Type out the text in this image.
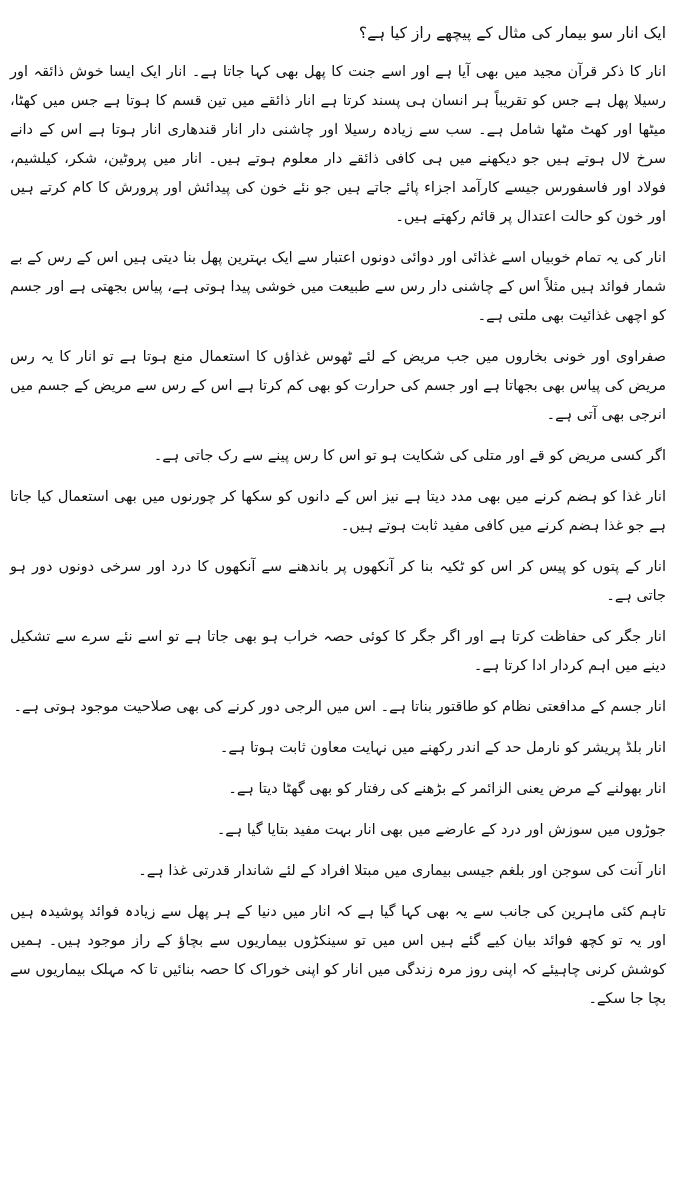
ایک انار سو بیمار کی مثال کے پیچھے راز کیا ہے؟

انار کا ذکر قرآن مجید میں بھی آیا ہے اور اسے جنت کا پھل بھی کہا جاتا ہے۔ انار ایک ایسا خوش ذائقہ اور رسیلا پھل ہے جس کو تقریباً ہر انسان ہی پسند کرتا ہے انار ذائقے میں تین قسم کا ہوتا ہے جس میں کھٹا، میٹھا اور کھٹ مٹھا شامل ہے۔ سب سے زیادہ رسیلا اور چاشنی دار انار قندھاری انار ہوتا ہے اس کے دانے سرخ لال ہوتے ہیں جو دیکھنے میں ہی کافی ذائقے دار معلوم ہوتے ہیں۔ انار میں پروٹین، شکر، کیلشیم، فولاد اور فاسفورس جیسے کارآمد اجزاء پائے جاتے ہیں جو نئے خون کی پیدائش اور پرورش کا کام کرتے ہیں اور خون کو حالت اعتدال پر قائم رکھتے ہیں۔

انار کی یہ تمام خوبیاں اسے غذائی اور دوائی دونوں اعتبار سے ایک بہترین پھل بنا دیتی ہیں اس کے رس کے بے شمار فوائد ہیں مثلاً اس کے چاشنی دار رس سے طبیعت میں خوشی پیدا ہوتی ہے، پیاس بجھتی ہے اور جسم کو اچھی غذائیت بھی ملتی ہے۔

صفراوی اور خونی بخاروں میں جب مریض کے لئے ٹھوس غذاؤں کا استعمال منع ہوتا ہے تو انار کا یہ رس مریض کی پیاس بھی بجھاتا ہے اور جسم کی حرارت کو بھی کم کرتا ہے اس کے رس سے مریض کے جسم میں انرجی بھی آتی ہے۔

اگر کسی مریض کو قے اور متلی کی شکایت ہو تو اس کا رس پینے سے رک جاتی ہے۔

انار غذا کو ہضم کرنے میں بھی مدد دیتا ہے نیز اس کے دانوں کو سکھا کر چورنوں میں بھی استعمال کیا جاتا ہے جو غذا ہضم کرنے میں کافی مفید ثابت ہوتے ہیں۔

انار کے پتوں کو پیس کر اس کو ٹکیہ بنا کر آنکھوں پر باندھنے سے آنکھوں کا درد اور سرخی دونوں دور ہو جاتی ہے۔

انار جگر کی حفاظت کرتا ہے اور اگر جگر کا کوئی حصہ خراب ہو بھی جاتا ہے تو اسے نئے سرے سے تشکیل دینے میں اہم کردار ادا کرتا ہے۔

انار جسم کے مدافعتی نظام کو طاقتور بناتا ہے۔ اس میں الرجی دور کرنے کی بھی صلاحیت موجود ہوتی ہے۔

انار بلڈ پریشر کو نارمل حد کے اندر رکھنے میں نہایت معاون ثابت ہوتا ہے۔

انار بھولنے کے مرض یعنی الزائمر کے بڑھنے کی رفتار کو بھی گھٹا دیتا ہے۔

جوڑوں میں سوزش اور درد کے عارضے میں بھی انار بہت مفید بتایا گیا ہے۔

انار آنت کی سوجن اور بلغم جیسی بیماری میں مبتلا افراد کے لئے شاندار قدرتی غذا ہے۔

تاہم کئی ماہرین کی جانب سے یہ بھی کہا گیا ہے کہ انار میں دنیا کے ہر پھل سے زیادہ فوائد پوشیدہ ہیں اور یہ تو کچھ فوائد بیان کیے گئے ہیں اس میں تو سینکڑوں بیماریوں سے بچاؤ کے راز موجود ہیں۔ ہمیں کوشش کرنی چاہیئے کہ اپنی روز مرہ زندگی میں انار کو اپنی خوراک کا حصہ بنائیں تا کہ مہلک بیماریوں سے بچا جا سکے۔
